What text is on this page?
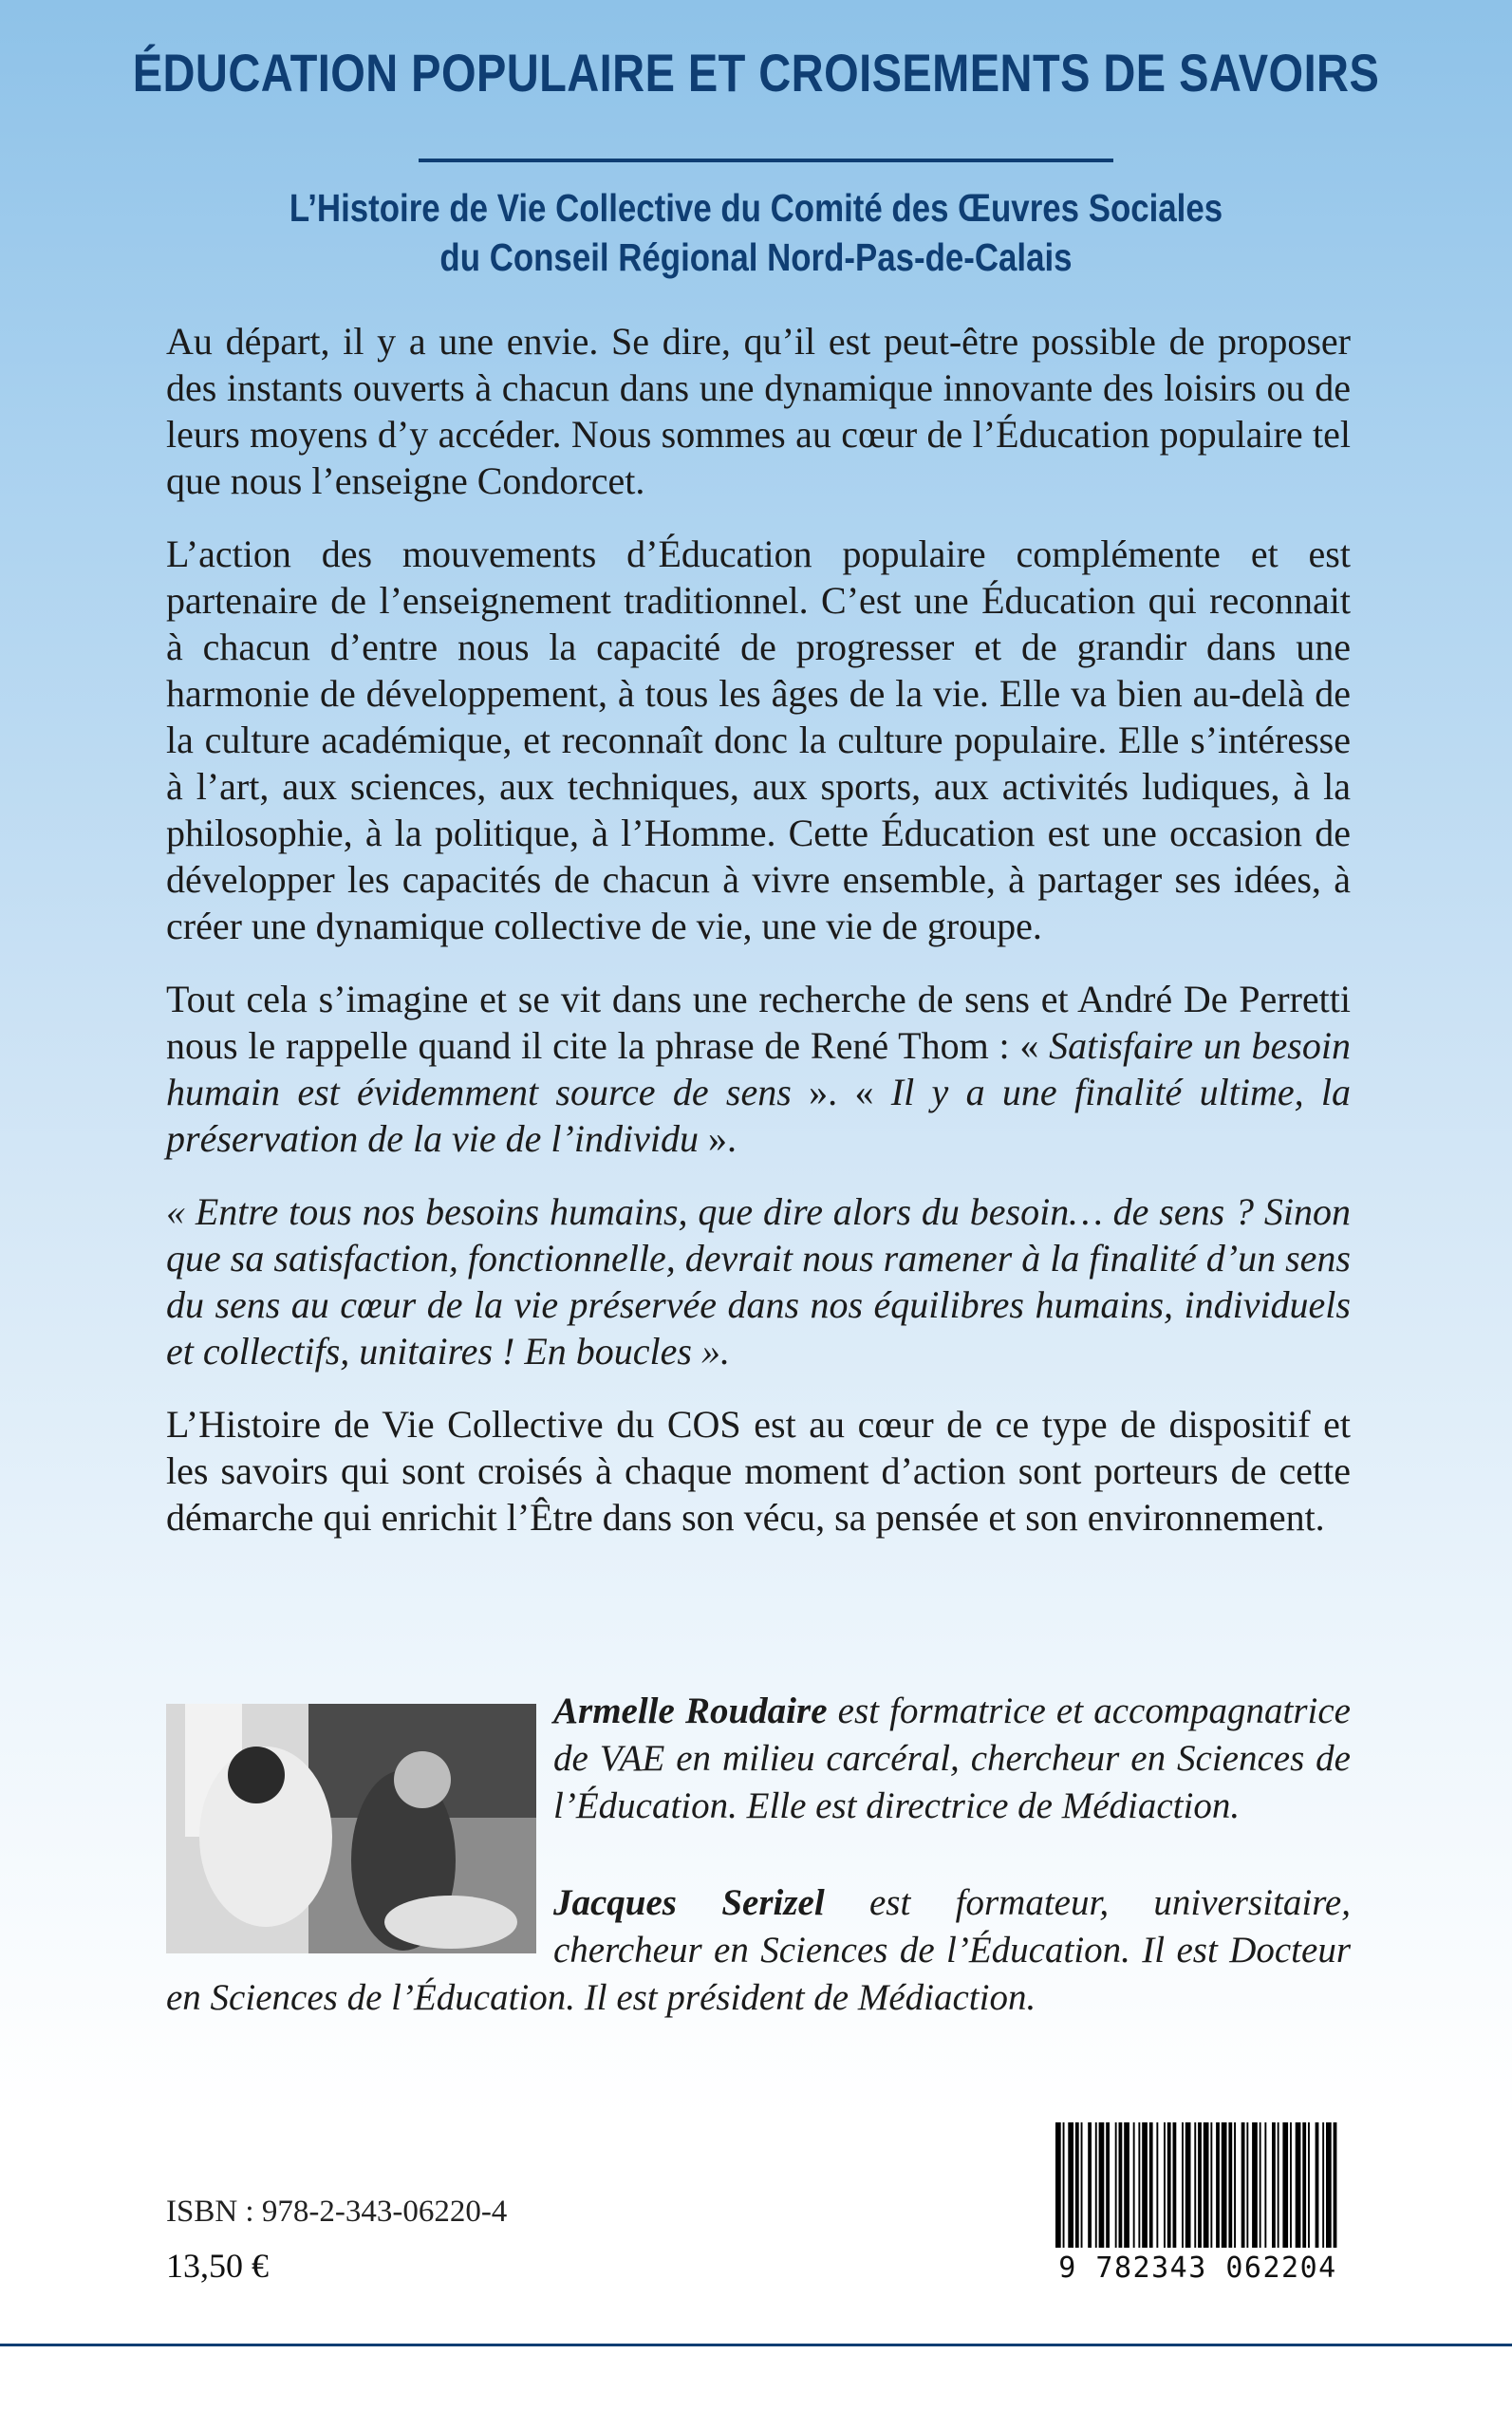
ÉDUCATION POPULAIRE ET CROISEMENTS DE SAVOIRS
L’Histoire de Vie Collective du Comité des Œuvres Sociales
du Conseil Régional Nord-Pas-de-Calais

Au départ, il y a une envie. Se dire, qu’il est peut-être possible de proposer des instants ouverts à chacun dans une dynamique innovante des loisirs ou de leurs moyens d’y accéder. Nous sommes au cœur de l’Éducation populaire tel que nous l’enseigne Condorcet.

L’action des mouvements d’Éducation populaire complémente et est partenaire de l’enseignement traditionnel. C’est une Éducation qui reconnait à chacun d’entre nous la capacité de progresser et de grandir dans une harmonie de développement, à tous les âges de la vie. Elle va bien au-delà de la culture académique, et reconnaît donc la culture populaire. Elle s’intéresse à l’art, aux sciences, aux techniques, aux sports, aux activités ludiques, à la philosophie, à la politique, à l’Homme. Cette Éducation est une occasion de développer les capacités de chacun à vivre ensemble, à partager ses idées, à créer une dynamique collective de vie, une vie de groupe.

Tout cela s’imagine et se vit dans une recherche de sens et André De Perretti nous le rappelle quand il cite la phrase de René Thom : « Satisfaire un besoin humain est évidemment source de sens ». « Il y a une finalité ultime, la préservation de la vie de l’individu ».

« Entre tous nos besoins humains, que dire alors du besoin… de sens ? Sinon que sa satisfaction, fonctionnelle, devrait nous ramener à la finalité d’un sens du sens au cœur de la vie préservée dans nos équilibres humains, individuels et collectifs, unitaires ! En boucles ».

L’Histoire de Vie Collective du COS est au cœur de ce type de dispositif et les savoirs qui sont croisés à chaque moment d’action sont porteurs de cette démarche qui enrichit l’Être dans son vécu, sa pensée et son environnement.

Armelle Roudaire est formatrice et accompagnatrice de VAE en milieu carcéral, chercheur en Sciences de l’Éducation. Elle est directrice de Médiaction.

Jacques Serizel est formateur, universitaire, chercheur en Sciences de l’Éducation. Il est Docteur en Sciences de l’Éducation. Il est président de Médiaction.

ISBN : 978-2-343-06220-4
13,50 €	9 782343 062204
